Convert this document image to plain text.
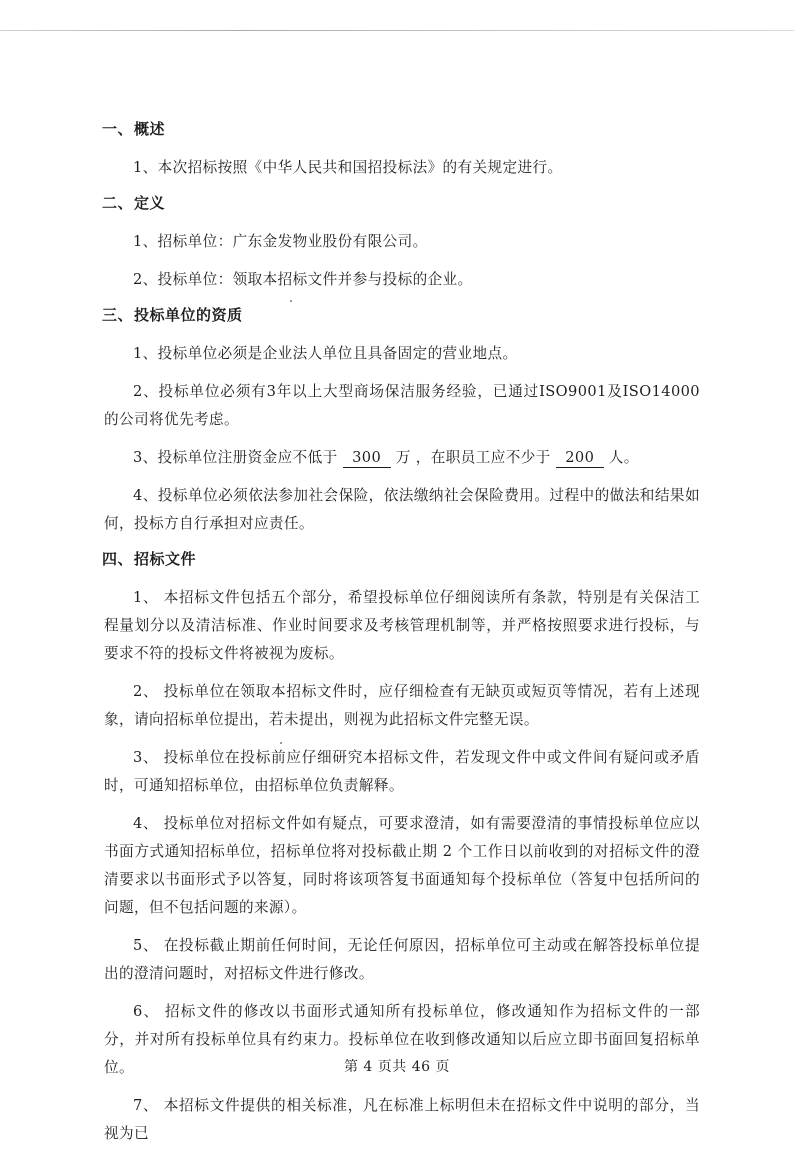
一、概述

1、本次招标按照《中华人民共和国招投标法》的有关规定进行。

二、定义

1、招标单位：广东金发物业股份有限公司。

2、投标单位：领取本招标文件并参与投标的企业。

三、投标单位的资质

1、投标单位必须是企业法人单位且具备固定的营业地点。

2、投标单位必须有3年以上大型商场保洁服务经验，已通过ISO9001及ISO14000的公司将优先考虑。

3、投标单位注册资金应不低于 300 万 ，在职员工应不少于 200 人。

4、投标单位必须依法参加社会保险，依法缴纳社会保险费用。过程中的做法和结果如何，投标方自行承担对应责任。

四、招标文件

1、 本招标文件包括五个部分，希望投标单位仔细阅读所有条款，特别是有关保洁工程量划分以及清洁标准、作业时间要求及考核管理机制等，并严格按照要求进行投标，与要求不符的投标文件将被视为废标。

2、 投标单位在领取本招标文件时，应仔细检查有无缺页或短页等情况，若有上述现象，请向招标单位提出，若未提出，则视为此招标文件完整无误。

3、 投标单位在投标前应仔细研究本招标文件，若发现文件中或文件间有疑问或矛盾时，可通知招标单位，由招标单位负责解释。

4、 投标单位对招标文件如有疑点，可要求澄清，如有需要澄清的事情投标单位应以书面方式通知招标单位，招标单位将对投标截止期 2 个工作日以前收到的对招标文件的澄清要求以书面形式予以答复，同时将该项答复书面通知每个投标单位（答复中包括所问的问题，但不包括问题的来源）。

5、 在投标截止期前任何时间，无论任何原因，招标单位可主动或在解答投标单位提出的澄清问题时，对招标文件进行修改。

6、 招标文件的修改以书面形式通知所有投标单位，修改通知作为招标文件的一部分，并对所有投标单位具有约束力。投标单位在收到修改通知以后应立即书面回复招标单位。

7、 本招标文件提供的相关标准，凡在标准上标明但未在招标文件中说明的部分，当视为已

第 4 页共 46 页
